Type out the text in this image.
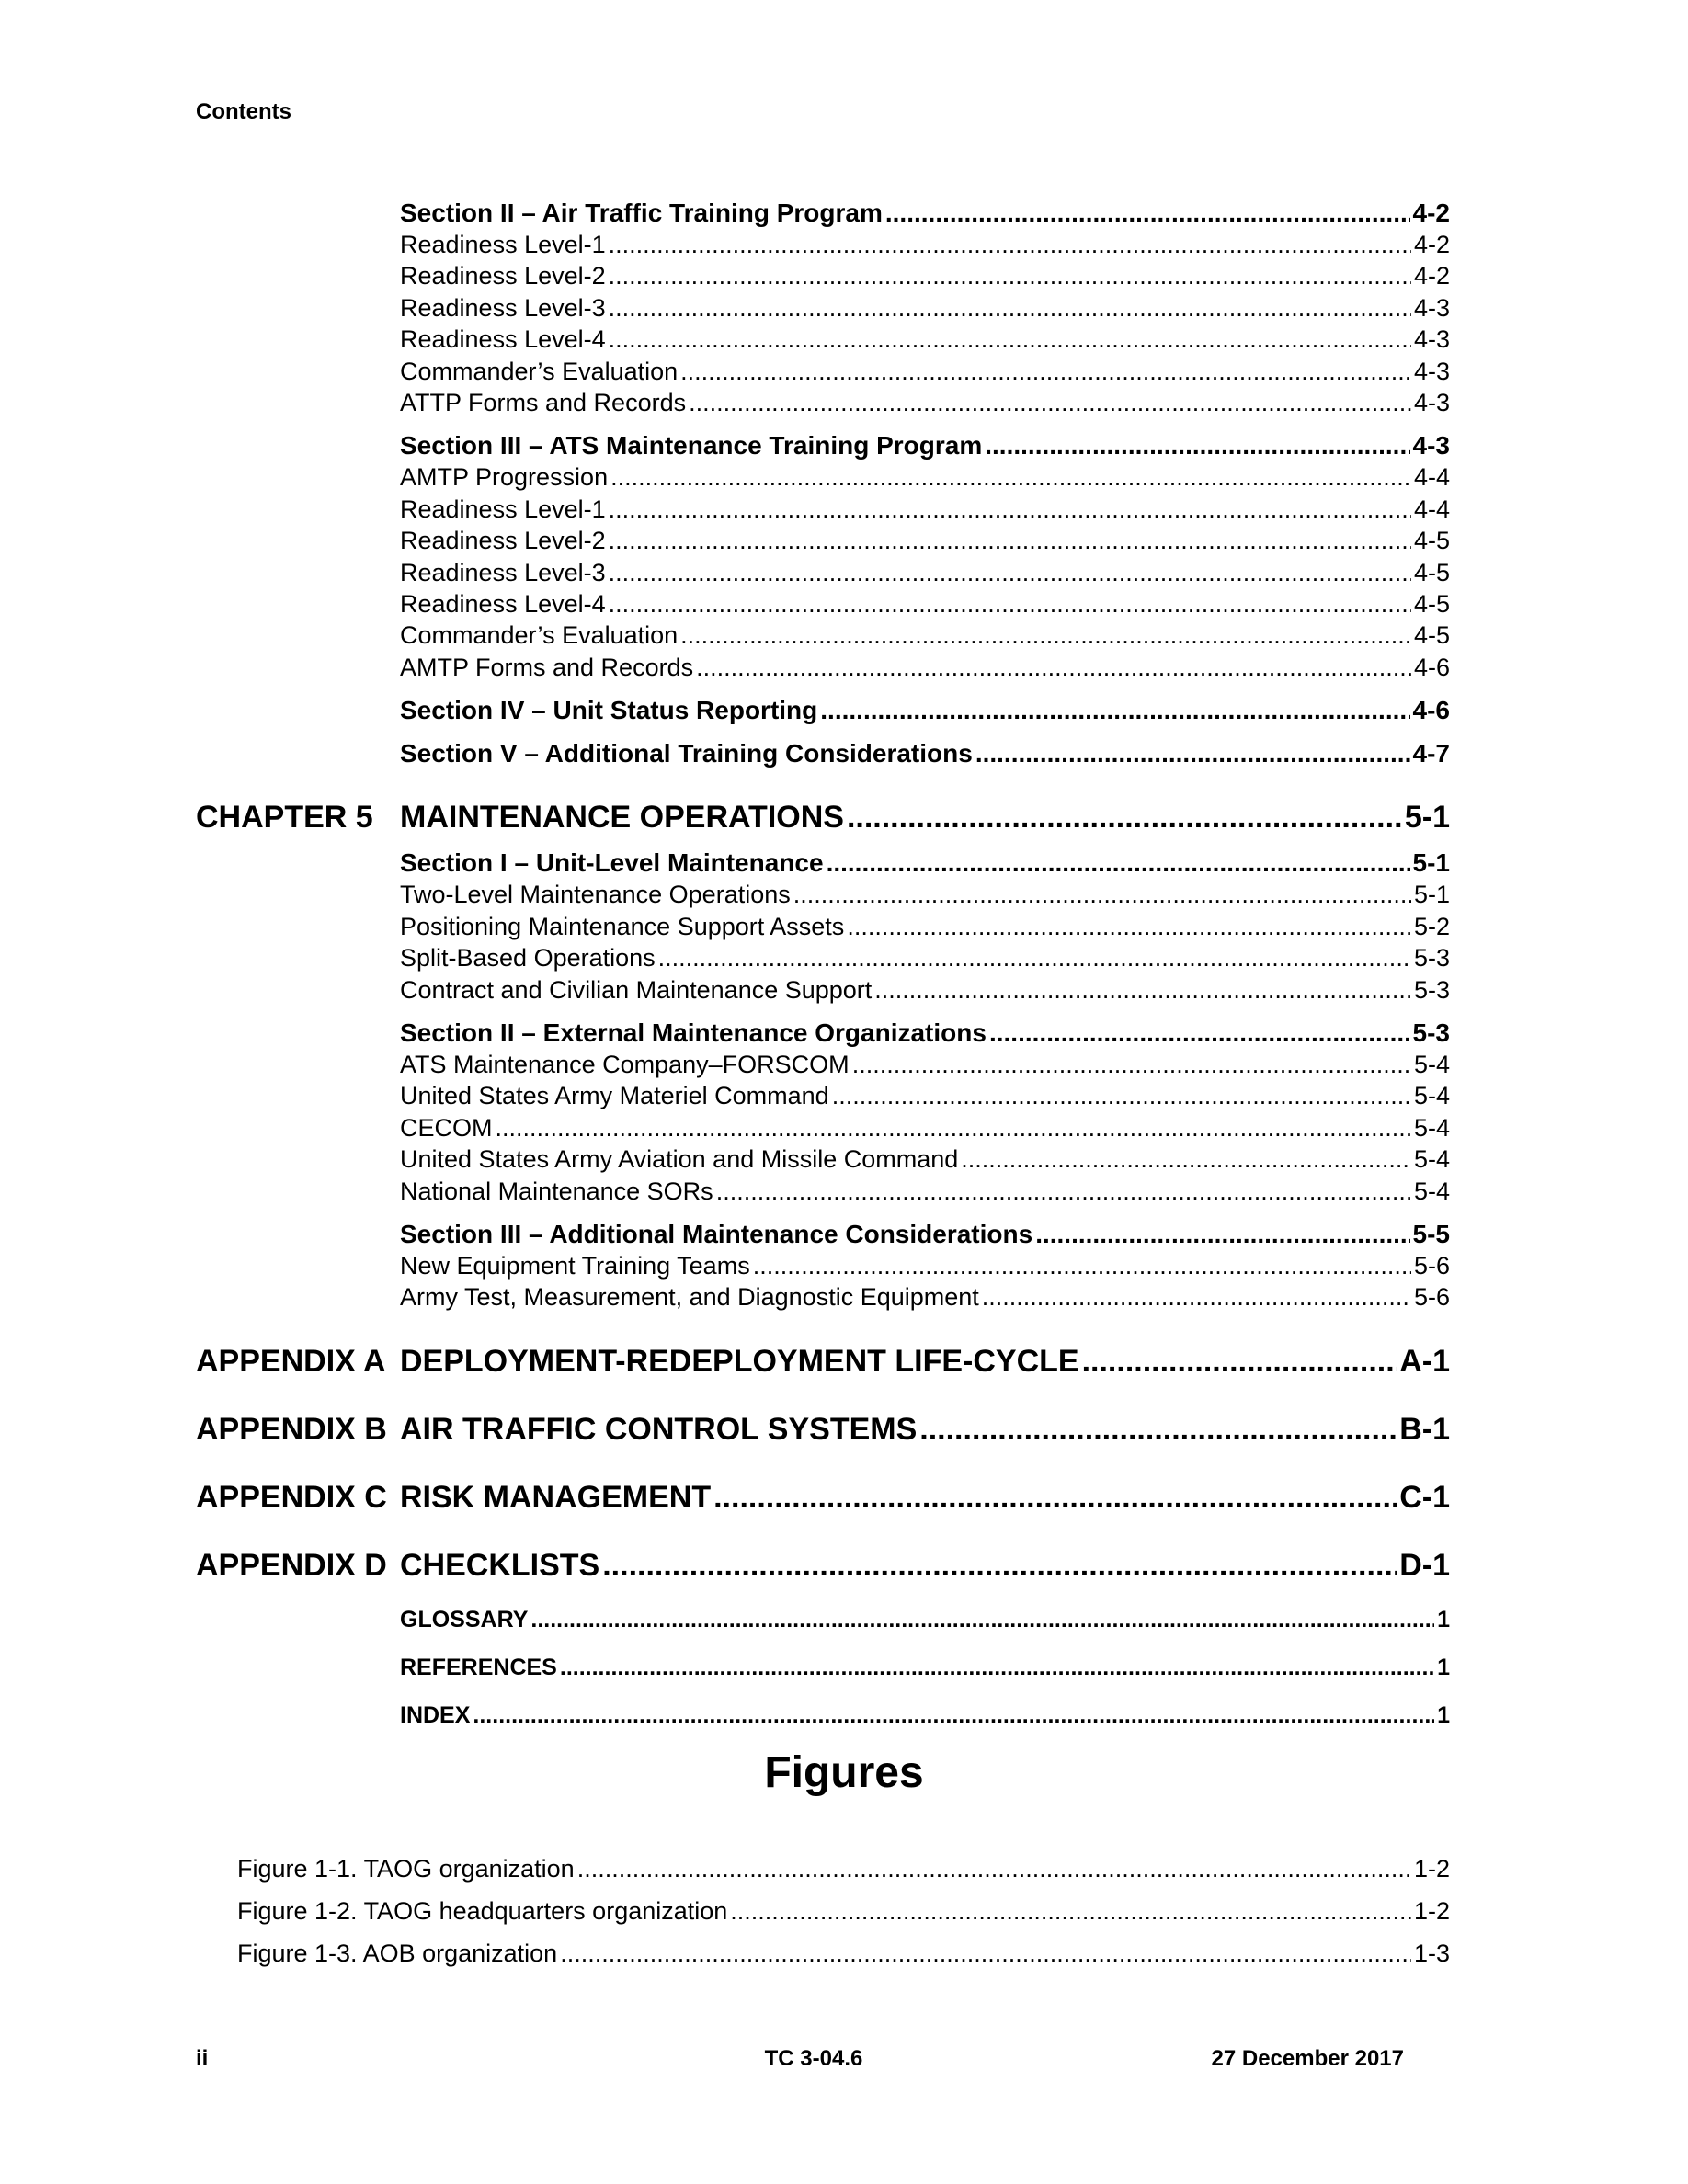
Contents
Section II – Air Traffic Training Program .....	4-2
Readiness Level-1 .....	4-2
Readiness Level-2 .....	4-2
Readiness Level-3 .....	4-3
Readiness Level-4 .....	4-3
Commander’s Evaluation .....	4-3
ATTP Forms and Records .....	4-3
Section III – ATS Maintenance Training Program .....	4-3
AMTP Progression .....	4-4
Readiness Level-1 .....	4-4
Readiness Level-2 .....	4-5
Readiness Level-3 .....	4-5
Readiness Level-4 .....	4-5
Commander’s Evaluation .....	4-5
AMTP Forms and Records .....	4-6
Section IV – Unit Status Reporting .....	4-6
Section V – Additional Training Considerations .....	4-7
CHAPTER 5 MAINTENANCE OPERATIONS .....	5-1
Section I – Unit-Level Maintenance .....	5-1
Two-Level Maintenance Operations .....	5-1
Positioning Maintenance Support Assets .....	5-2
Split-Based Operations .....	5-3
Contract and Civilian Maintenance Support .....	5-3
Section II – External Maintenance Organizations .....	5-3
ATS Maintenance Company–FORSCOM .....	5-4
United States Army Materiel Command .....	5-4
CECOM .....	5-4
United States Army Aviation and Missile Command .....	5-4
National Maintenance SORs .....	5-4
Section III – Additional Maintenance Considerations .....	5-5
New Equipment Training Teams .....	5-6
Army Test, Measurement, and Diagnostic Equipment .....	5-6
APPENDIX A DEPLOYMENT-REDEPLOYMENT LIFE-CYCLE .....	A-1
APPENDIX B AIR TRAFFIC CONTROL SYSTEMS .....	B-1
APPENDIX C RISK MANAGEMENT .....	C-1
APPENDIX D CHECKLISTS .....	D-1
GLOSSARY .....	1
REFERENCES .....	1
INDEX .....	1
Figures
Figure 1-1. TAOG organization .....	1-2
Figure 1-2. TAOG headquarters organization .....	1-2
Figure 1-3. AOB organization .....	1-3
ii	TC 3-04.6	27 December 2017
